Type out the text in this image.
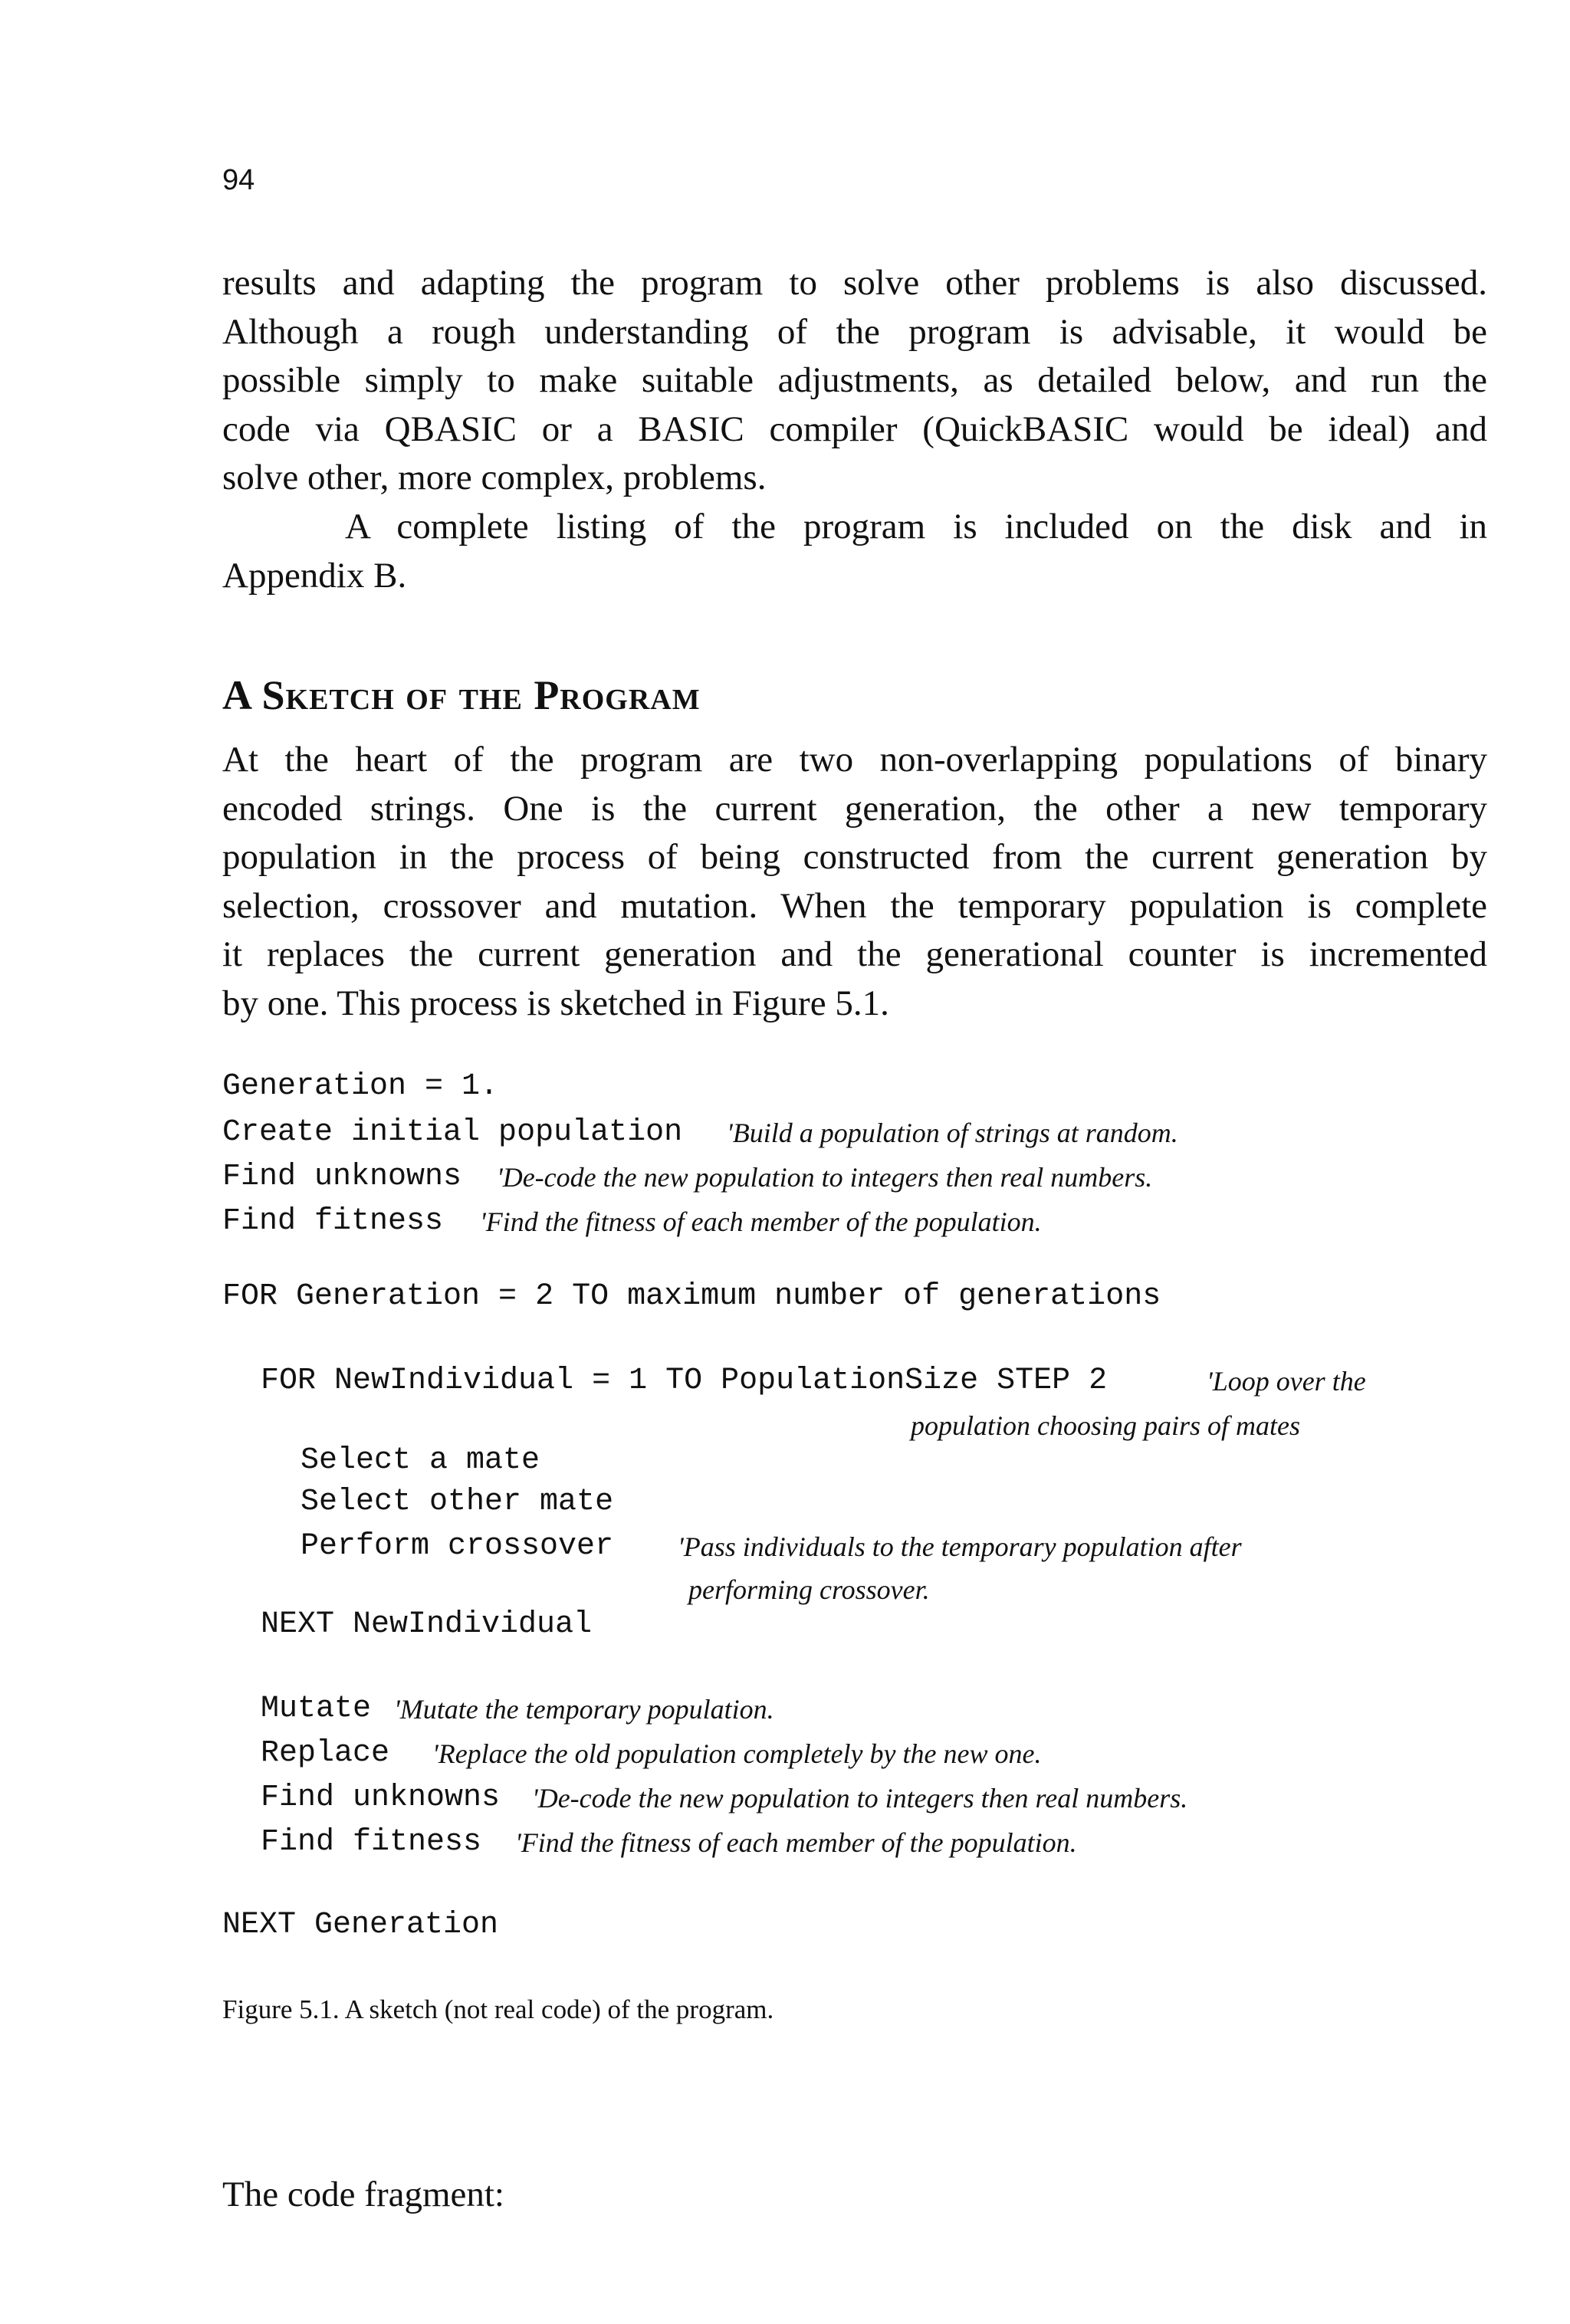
94
results and adapting the program to solve other problems is also discussed.
Although a rough understanding of the program is advisable, it would be
possible simply to make suitable adjustments, as detailed below, and run the
code via QBASIC or a BASIC compiler (QuickBASIC would be ideal) and
solve other, more complex, problems.
A complete listing of the program is included on the disk and in
Appendix B.
A Sketch of the Program
At the heart of the program are two non-overlapping populations of binary
encoded strings. One is the current generation, the other a new temporary
population in the process of being constructed from the current generation by
selection, crossover and mutation. When the temporary population is complete
it replaces the current generation and the generational counter is incremented
by one. This process is sketched in Figure 5.1.
Generation = 1.
Create initial population 'Build a population of strings at random.
Find unknowns 'De-code the new population to integers then real numbers.
Find fitness 'Find the fitness of each member of the population.
FOR Generation = 2 TO maximum number of generations
FOR NewIndividual = 1 TO PopulationSize STEP 2	'Loop over the
population choosing pairs of mates
Select a mate
Select other mate
Perform crossover 'Pass individuals to the temporary population after
performing crossover.
NEXT NewIndividual
Mutate 'Mutate the temporary population.
Replace 'Replace the old population completely by the new one.
Find unknowns 'De-code the new population to integers then real numbers.
Find fitness 'Find the fitness of each member of the population.
NEXT Generation
Figure 5.1. A sketch (not real code) of the program.
The code fragment:
